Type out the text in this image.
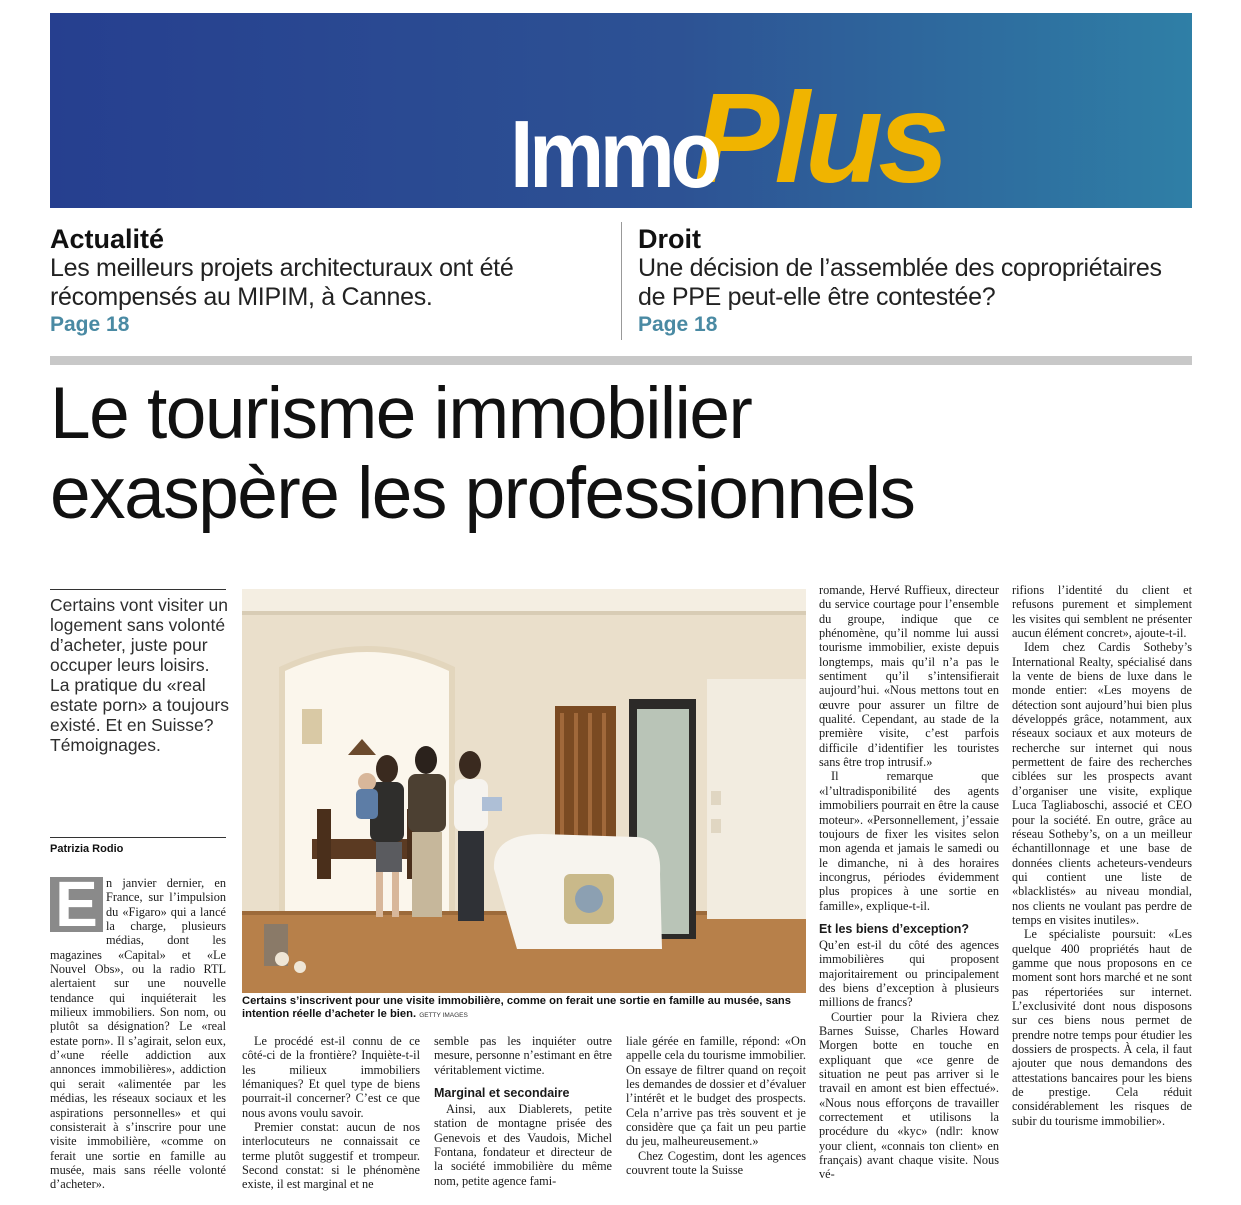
ImmoPlus
Actualité
Les meilleurs projets architecturaux ont été récompensés au MIPIM, à Cannes.
Page 18
Droit
Une décision de l’assemblée des copropriétaires de PPE peut-elle être contestée?
Page 18
Le tourisme immobilier
exaspère les professionnels
Certains vont visiter un logement sans volonté d’acheter, juste pour occuper leurs loisirs. La pratique du «real estate porn» a toujours existé. Et en Suisse? Témoignages.
Patrizia Rodio
E n janvier dernier, en France, sur l’impulsion du «Figaro» qui a lancé la charge, plusieurs médias, dont les magazines «Capital» et «Le Nouvel Obs», ou la radio RTL alertaient sur une nouvelle tendance qui inquiéterait les milieux immobiliers. Son nom, ou plutôt sa désignation? Le «real estate porn». Il s’agirait, selon eux, d’«une réelle addiction aux annonces immobilières», addiction qui serait «alimentée par les médias, les réseaux sociaux et les aspirations personnelles» et qui consisterait à s’inscrire pour une visite immobilière, «comme on ferait une sortie en famille au musée, mais sans réelle volonté d’acheter».

Certains s’inscrivent pour une visite immobilière, comme on ferait une sortie en famille au musée, sans intention réelle d’acheter le bien. GETTY IMAGES

Le procédé est-il connu de ce côté-ci de la frontière? Inquiète-t-il les milieux immobiliers lémaniques? Et quel type de biens pourrait-il concerner? C’est ce que nous avons voulu savoir.

Premier constat: aucun de nos interlocuteurs ne connaissait ce terme plutôt suggestif et trompeur. Second constat: si le phénomène existe, il est marginal et ne

semble pas les inquiéter outre mesure, personne n’estimant en être véritablement victime.

Marginal et secondaire

Ainsi, aux Diablerets, petite station de montagne prisée des Genevois et des Vaudois, Michel Fontana, fondateur et directeur de la société immobilière du même nom, petite agence fami-

liale gérée en famille, répond: «On appelle cela du tourisme immobilier. On essaye de filtrer quand on reçoit les demandes de dossier et d’évaluer l’intérêt et le budget des prospects. Cela n’arrive pas très souvent et je considère que ça fait un peu partie du jeu, malheureusement.»

Chez Cogestim, dont les agences couvrent toute la Suisse

romande, Hervé Ruffieux, directeur du service courtage pour l’ensemble du groupe, indique que ce phénomène, qu’il nomme lui aussi tourisme immobilier, existe depuis longtemps, mais qu’il n’a pas le sentiment qu’il s’intensifierait aujourd’hui. «Nous mettons tout en œuvre pour assurer un filtre de qualité. Cependant, au stade de la première visite, c’est parfois difficile d’identifier les touristes sans être trop intrusif.»

Il remarque que «l’ultradisponibilité des agents immobiliers pourrait en être la cause moteur». «Personnellement, j’essaie toujours de fixer les visites selon mon agenda et jamais le samedi ou le dimanche, ni à des horaires incongrus, périodes évidemment plus propices à une sortie en famille», explique-t-il.

Et les biens d’exception?

Qu’en est-il du côté des agences immobilières qui proposent majoritairement ou principalement des biens d’exception à plusieurs millions de francs?

Courtier pour la Riviera chez Barnes Suisse, Charles Howard Morgen botte en touche en expliquant que «ce genre de situation ne peut pas arriver si le travail en amont est bien effectué». «Nous nous efforçons de travailler correctement et utilisons la procédure du «kyc» (ndlr: know your client, «connais ton client» en français) avant chaque visite. Nous vé-

rifions l’identité du client et refusons purement et simplement les visites qui semblent ne présenter aucun élément concret», ajoute-t-il.

Idem chez Cardis Sotheby’s International Realty, spécialisé dans la vente de biens de luxe dans le monde entier: «Les moyens de détection sont aujourd’hui bien plus développés grâce, notamment, aux réseaux sociaux et aux moteurs de recherche sur internet qui nous permettent de faire des recherches ciblées sur les prospects avant d’organiser une visite, explique Luca Tagliaboschi, associé et CEO pour la société. En outre, grâce au réseau Sotheby’s, on a un meilleur échantillonnage et une base de données clients acheteurs-vendeurs qui contient une liste de «blacklistés» au niveau mondial, nos clients ne voulant pas perdre de temps en visites inutiles».

Le spécialiste poursuit: «Les quelque 400 propriétés haut de gamme que nous proposons en ce moment sont hors marché et ne sont pas répertoriées sur internet. L’exclusivité dont nous disposons sur ces biens nous permet de prendre notre temps pour étudier les dossiers de prospects. À cela, il faut ajouter que nous demandons des attestations bancaires pour les biens de prestige. Cela réduit considérablement les risques de subir du tourisme immobilier».
